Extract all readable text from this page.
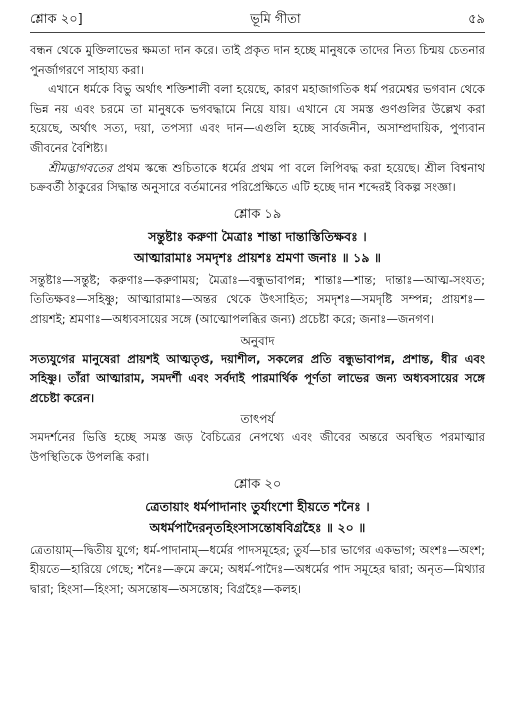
শ্লোক ২০]	ভূমি গীতা	৫৯

বন্ধন থেকে মুক্তিলাভের ক্ষমতা দান করে। তাই প্রকৃত দান হচ্ছে মানুষকে তাদের নিত্য চিন্ময় চেতনার পুনর্জাগরণে সাহায্য করা।

এখানে ধর্মকে বিভু অর্থাৎ শক্তিশালী বলা হয়েছে, কারণ মহাজাগতিক ধর্ম পরমেশ্বর ভগবান থেকে ভিন্ন নয় এবং চরমে তা মানুষকে ভগবদ্ধামে নিয়ে যায়। এখানে যে সমস্ত গুণগুলির উল্লেখ করা হয়েছে, অর্থাৎ সত্য, দয়া, তপস্যা এবং দান—এগুলি হচ্ছে সার্বজনীন, অসাম্প্রদায়িক, পুণ্যবান জীবনের বৈশিষ্ট্য।

শ্রীমদ্ভাগবতের প্রথম স্কন্ধে শুচিতাকে ধর্মের প্রথম পা বলে লিপিবদ্ধ করা হয়েছে। শ্রীল বিশ্বনাথ চক্রবর্তী ঠাকুরের সিদ্ধান্ত অনুসারে বর্তমানের পরিপ্রেক্ষিতে এটি হচ্ছে দান শব্দেরই বিকল্প সংজ্ঞা।

শ্লোক ১৯
সন্তুষ্টাঃ করুণা মৈত্রাঃ শান্তা দান্তাস্তিতিক্ষবঃ ।
আত্মারামাঃ সমদৃশঃ প্রায়শঃ শ্রমণা জনাঃ ॥ ১৯ ॥

সন্তুষ্টাঃ—সন্তুষ্ট; করুণাঃ—করুণাময়; মৈত্রাঃ—বন্ধুভাবাপন্ন; শান্তাঃ—শান্ত; দান্তাঃ—আত্ম-সংযত; তিতিক্ষবঃ—সহিষ্ণু; আত্মারামাঃ—অন্তর থেকে উৎসাহিত; সমদৃশঃ—সমদৃষ্টি সম্পন্ন; প্রায়শঃ—প্রায়শই; শ্রমণাঃ—অধ্যবসায়ের সঙ্গে (আত্মোপলব্ধির জন্য) প্রচেষ্টা করে; জনাঃ—জনগণ।

অনুবাদ

সত্যযুগের মানুষেরা প্রায়শই আত্মতৃপ্ত, দয়াশীল, সকলের প্রতি বন্ধুভাবাপন্ন, প্রশান্ত, ধীর এবং সহিষ্ণু। তাঁরা আত্মারাম, সমদর্শী এবং সর্বদাই পারমার্থিক পূর্ণতা লাভের জন্য অধ্যবসায়ের সঙ্গে প্রচেষ্টা করেন।

তাৎপর্য

সমদর্শনের ভিত্তি হচ্ছে সমস্ত জড় বৈচিত্রের নেপথ্যে এবং জীবের অন্তরে অবস্থিত পরমাত্মার উপস্থিতিকে উপলব্ধি করা।

শ্লোক ২০
ত্রেতায়াং ধর্মপাদানাং তুর্যাংশো হীয়তে শনৈঃ ।
অধর্মপাদৈরনৃতহিংসাসন্তোষবিগ্রহৈঃ ॥ ২০ ॥

ত্রেতায়াম্—দ্বিতীয় যুগে; ধর্ম-পাদানাম্—ধর্মের পাদসমূহের; তুর্য—চার ভাগের একভাগ; অংশঃ—অংশ; হীয়তে—হারিয়ে গেছে; শনৈঃ—ক্রমে ক্রমে; অধর্ম-পাদৈঃ—অধর্মের পাদ সমূহের দ্বারা; অনৃত—মিথ্যার দ্বারা; হিংসা—হিংসা; অসন্তোষ—অসন্তোষ; বিগ্রহৈঃ—কলহ।
